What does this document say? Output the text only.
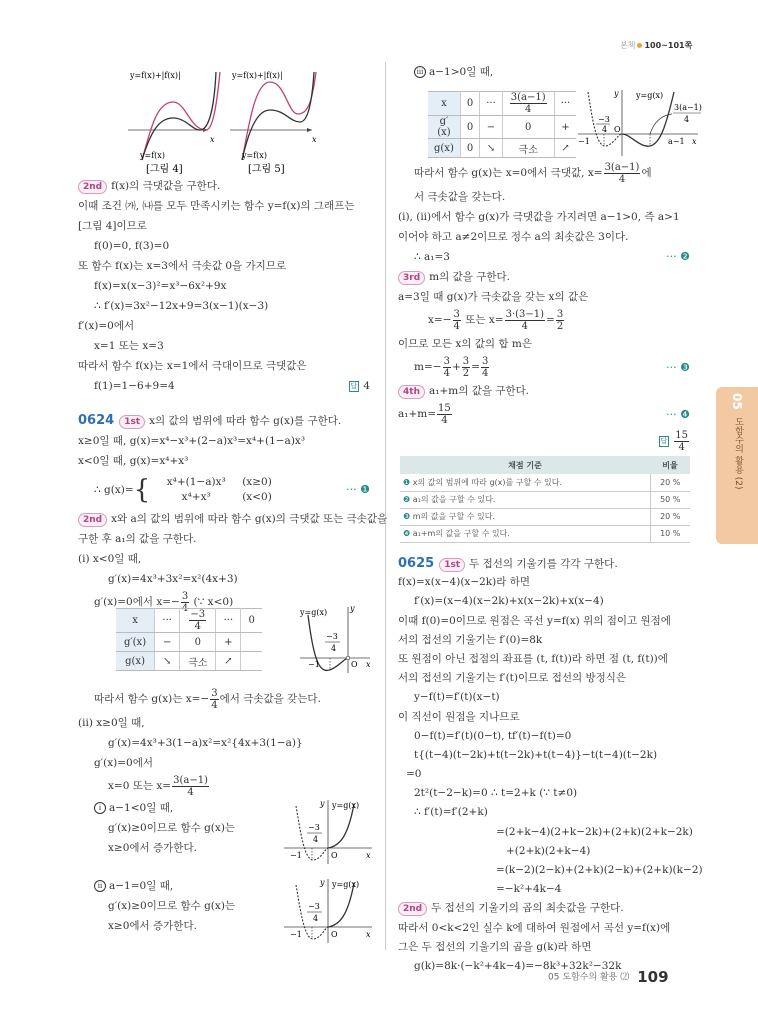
본책 100~101쪽
x
y=f(x)+|f(x)|
y=f(x)
[그림 4]
x
y=f(x)+|f(x)|
y=f(x)
[그림 5]
2nd f(x)의 극댓값을 구한다.
이때 조건 ㈎, ㈏를 모두 만족시키는 함수 y=f(x)의 그래프는
[그림 4]이므로
f(0)=0, f(3)=0
또 함수 f(x)는 x=3에서 극솟값 0을 가지므로
f(x)=x(x−3)²=x³−6x²+9x
∴ f′(x)=3x²−12x+9=3(x−1)(x−3)
f′(x)=0에서
x=1 또는 x=3
따라서 함수 f(x)는 x=1에서 극대이므로 극댓값은
f(1)=1−6+9=4	답 4
0624 1st x의 값의 범위에 따라 함수 g(x)를 구한다.
x≥0일 때, g(x)=x⁴−x³+(2−a)x³=x⁴+(1−a)x³
x<0일 때, g(x)=x⁴+x³
∴ g(x)={	x⁴+(1−a)x³ (x≥0)
x⁴+x³	(x<0)
··· ❶
2nd x와 a의 값의 범위에 따라 함수 g(x)의 극댓값 또는 극솟값을
구한 후 a₁의 값을 구한다.
(i) x<0일 때,
g′(x)=4x³+3x²=x²(4x+3)
g′(x)=0에서 $x=- \frac{3}{4}$ (∵ x<0)
x	···	$\frac{-3}{4}$	···	0
g′(x)	−	0	+	
g(x)	↘	극소	↗	
y=g(x)
−1
−3
4
O x
y
따라서 함수 g(x)는 $x=- \frac{3}{4}$ 에서 극솟값을 갖는다.
(ii) x≥0일 때,
g′(x)=4x³+3(1−a)x²=x²{4x+3(1−a)}
g′(x)=0에서
x=0 또는 $x= \frac{3(a-1)}{4}$
ⅰ a−1<0일 때,
g′(x)≥0이므로 함수 g(x)는
x≥0에서 증가한다.
ⅱ a−1=0일 때,
g′(x)≥0이므로 함수 g(x)는
x≥0에서 증가한다.
y=g(x)
−1
−3
4
O	x
y
y=g(x)
−1
−3
4
O	x
y
ⅲ a−1>0일 때,
x	0	···	$\frac{3(a-1)}{4}$	···
g′(x)	0	−	0	+
g(x)	0	↘	극소	↗
y=g(x)
−1
−3
4
3(a−1)
4
a−1
O
x
y
따라서 함수 g(x)는 x=0에서 극댓값, $x= \frac{3(a-1)}{4}$ 에
서 극솟값을 갖는다.
(i), (ii)에서 함수 g(x)가 극댓값을 가지려면 a−1>0, 즉 a>1
이어야 하고 a≠2이므로 정수 a의 최솟값은 3이다.
∴ a₁=3	··· ❷
3rd m의 값을 구한다.
a=3일 때 g(x)가 극솟값을 갖는 x의 값은
$x=- \frac{3}{4}$ 또는 $x= \frac{3\cdot(3-1)}{4} = \frac{3}{2}$
이므로 모든 x의 값의 합 m은
$m=- \frac{3}{4} + \frac{3}{2} = \frac{3}{4}$	··· ❸
4th a₁+m의 값을 구한다.
$a_1+m= \frac{15}{4}$	··· ❹
답 $\frac{15}{4}$
채점 기준	비율
❶ x의 값의 범위에 따라 g(x)를 구할 수 있다.	20 %
❷ a₁의 값을 구할 수 있다.	50 %
❸ m의 값을 구할 수 있다.	20 %
❹ a₁+m의 값을 구할 수 있다.	10 %
0625 1st 두 접선의 기울기를 각각 구한다.
f(x)=x(x−4)(x−2k)라 하면
f′(x)=(x−4)(x−2k)+x(x−2k)+x(x−4)
이때 f(0)=0이므로 원점은 곡선 y=f(x) 위의 점이고 원점에
서의 접선의 기울기는 f′(0)=8k
또 원점이 아닌 접점의 좌표를 (t, f(t))라 하면 점 (t, f(t))에
서의 접선의 기울기는 f′(t)이므로 접선의 방정식은
y−f(t)=f′(t)(x−t)
이 직선이 원점을 지나므로
0−f(t)=f′(t)(0−t), tf′(t)−f(t)=0
t{(t−4)(t−2k)+t(t−2k)+t(t−4)}−t(t−4)(t−2k)
=0
2t²(t−2−k)=0 ∴ t=2+k (∵ t≠0)
∴ f′(t)=f′(2+k)
=(2+k−4)(2+k−2k)+(2+k)(2+k−2k)
+(2+k)(2+k−4)
=(k−2)(2−k)+(2+k)(2−k)+(2+k)(k−2)
=−k²+4k−4
2nd 두 접선의 기울기의 곱의 최솟값을 구한다.
따라서 0<k<2인 실수 k에 대하여 원점에서 곡선 y=f(x)에
그은 두 접선의 기울기의 곱을 g(k)라 하면
g(k)=8k·(−k²+4k−4)=−8k³+32k²−32k
05
도함수의 활용 (2)
05 도함수의 활용 ⑵ 109
